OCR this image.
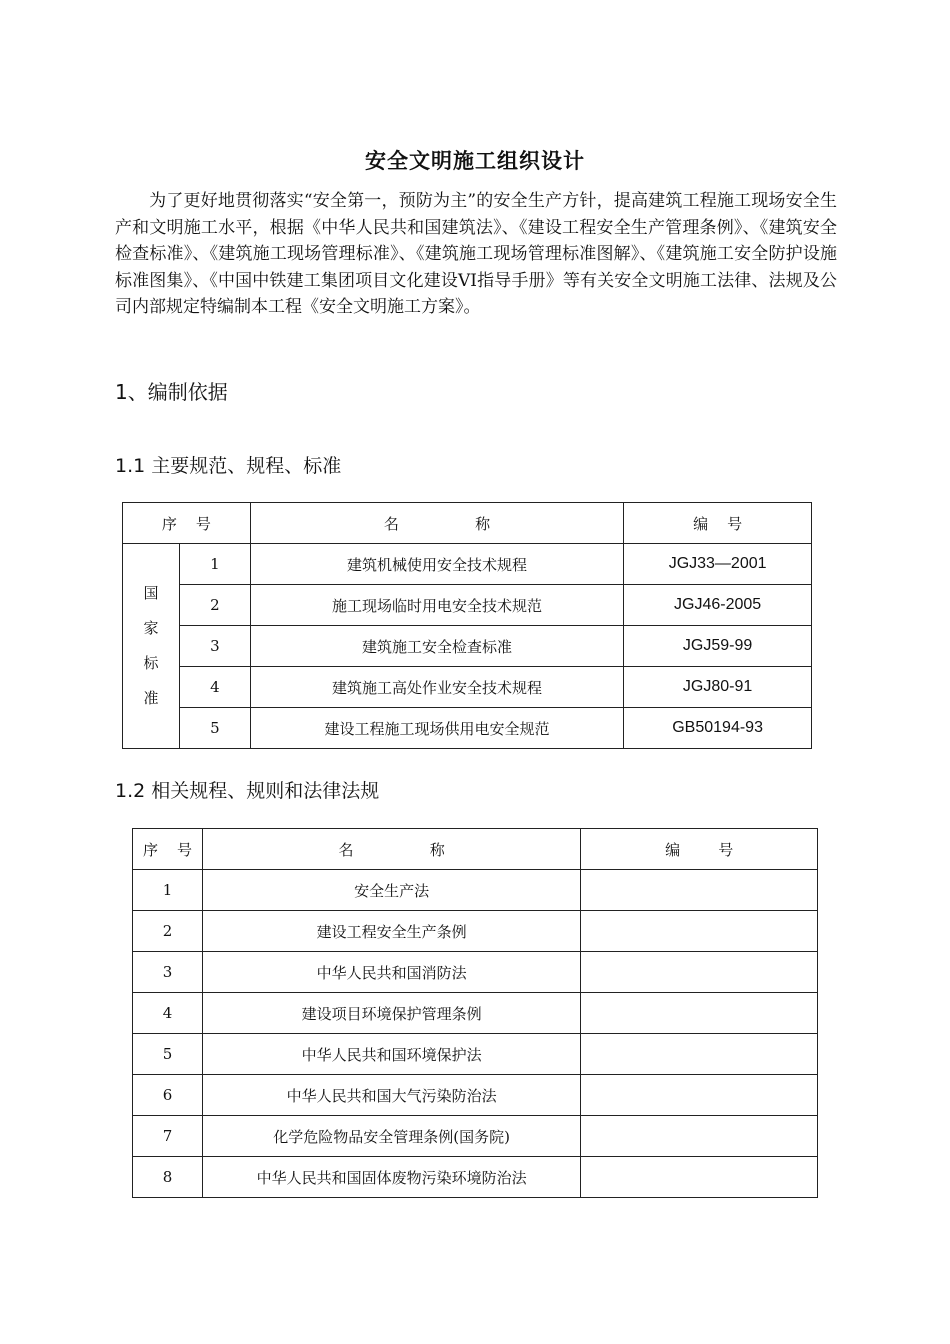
安全文明施工组织设计

为了更好地贯彻落实“安全第一，预防为主”的安全生产方针，提高建筑工程施工现场安全生产和文明施工水平，根据《中华人民共和国建筑法》、《建设工程安全生产管理条例》、《建筑安全检查标准》、《建筑施工现场管理标准》、《建筑施工现场管理标准图解》、《建筑施工安全防护设施标准图集》、《中国中铁建工集团项目文化建设VI指导手册》等有关安全文明施工法律、法规及公司内部规定特编制本工程《安全文明施工方案》。

1、编制依据
1.1 主要规范、规程、标准
序    号		名                称	编    号

国
家
标
准	1	建筑机械使用安全技术规程	JGJ33—2001
	2	施工现场临时用电安全技术规范	JGJ46-2005
	3	建筑施工安全检查标准	JGJ59-99
	4	建筑施工高处作业安全技术规程	JGJ80-91
	5	建设工程施工现场供用电安全规范	GB50194-93
1.2 相关规程、规则和法律法规
序    号	名                称	编        号
1	安全生产法	
2	建设工程安全生产条例	
3	中华人民共和国消防法	
4	建设项目环境保护管理条例	
5	中华人民共和国环境保护法	
6	中华人民共和国大气污染防治法	
7	化学危险物品安全管理条例(国务院)	
8	中华人民共和国固体废物污染环境防治法	
